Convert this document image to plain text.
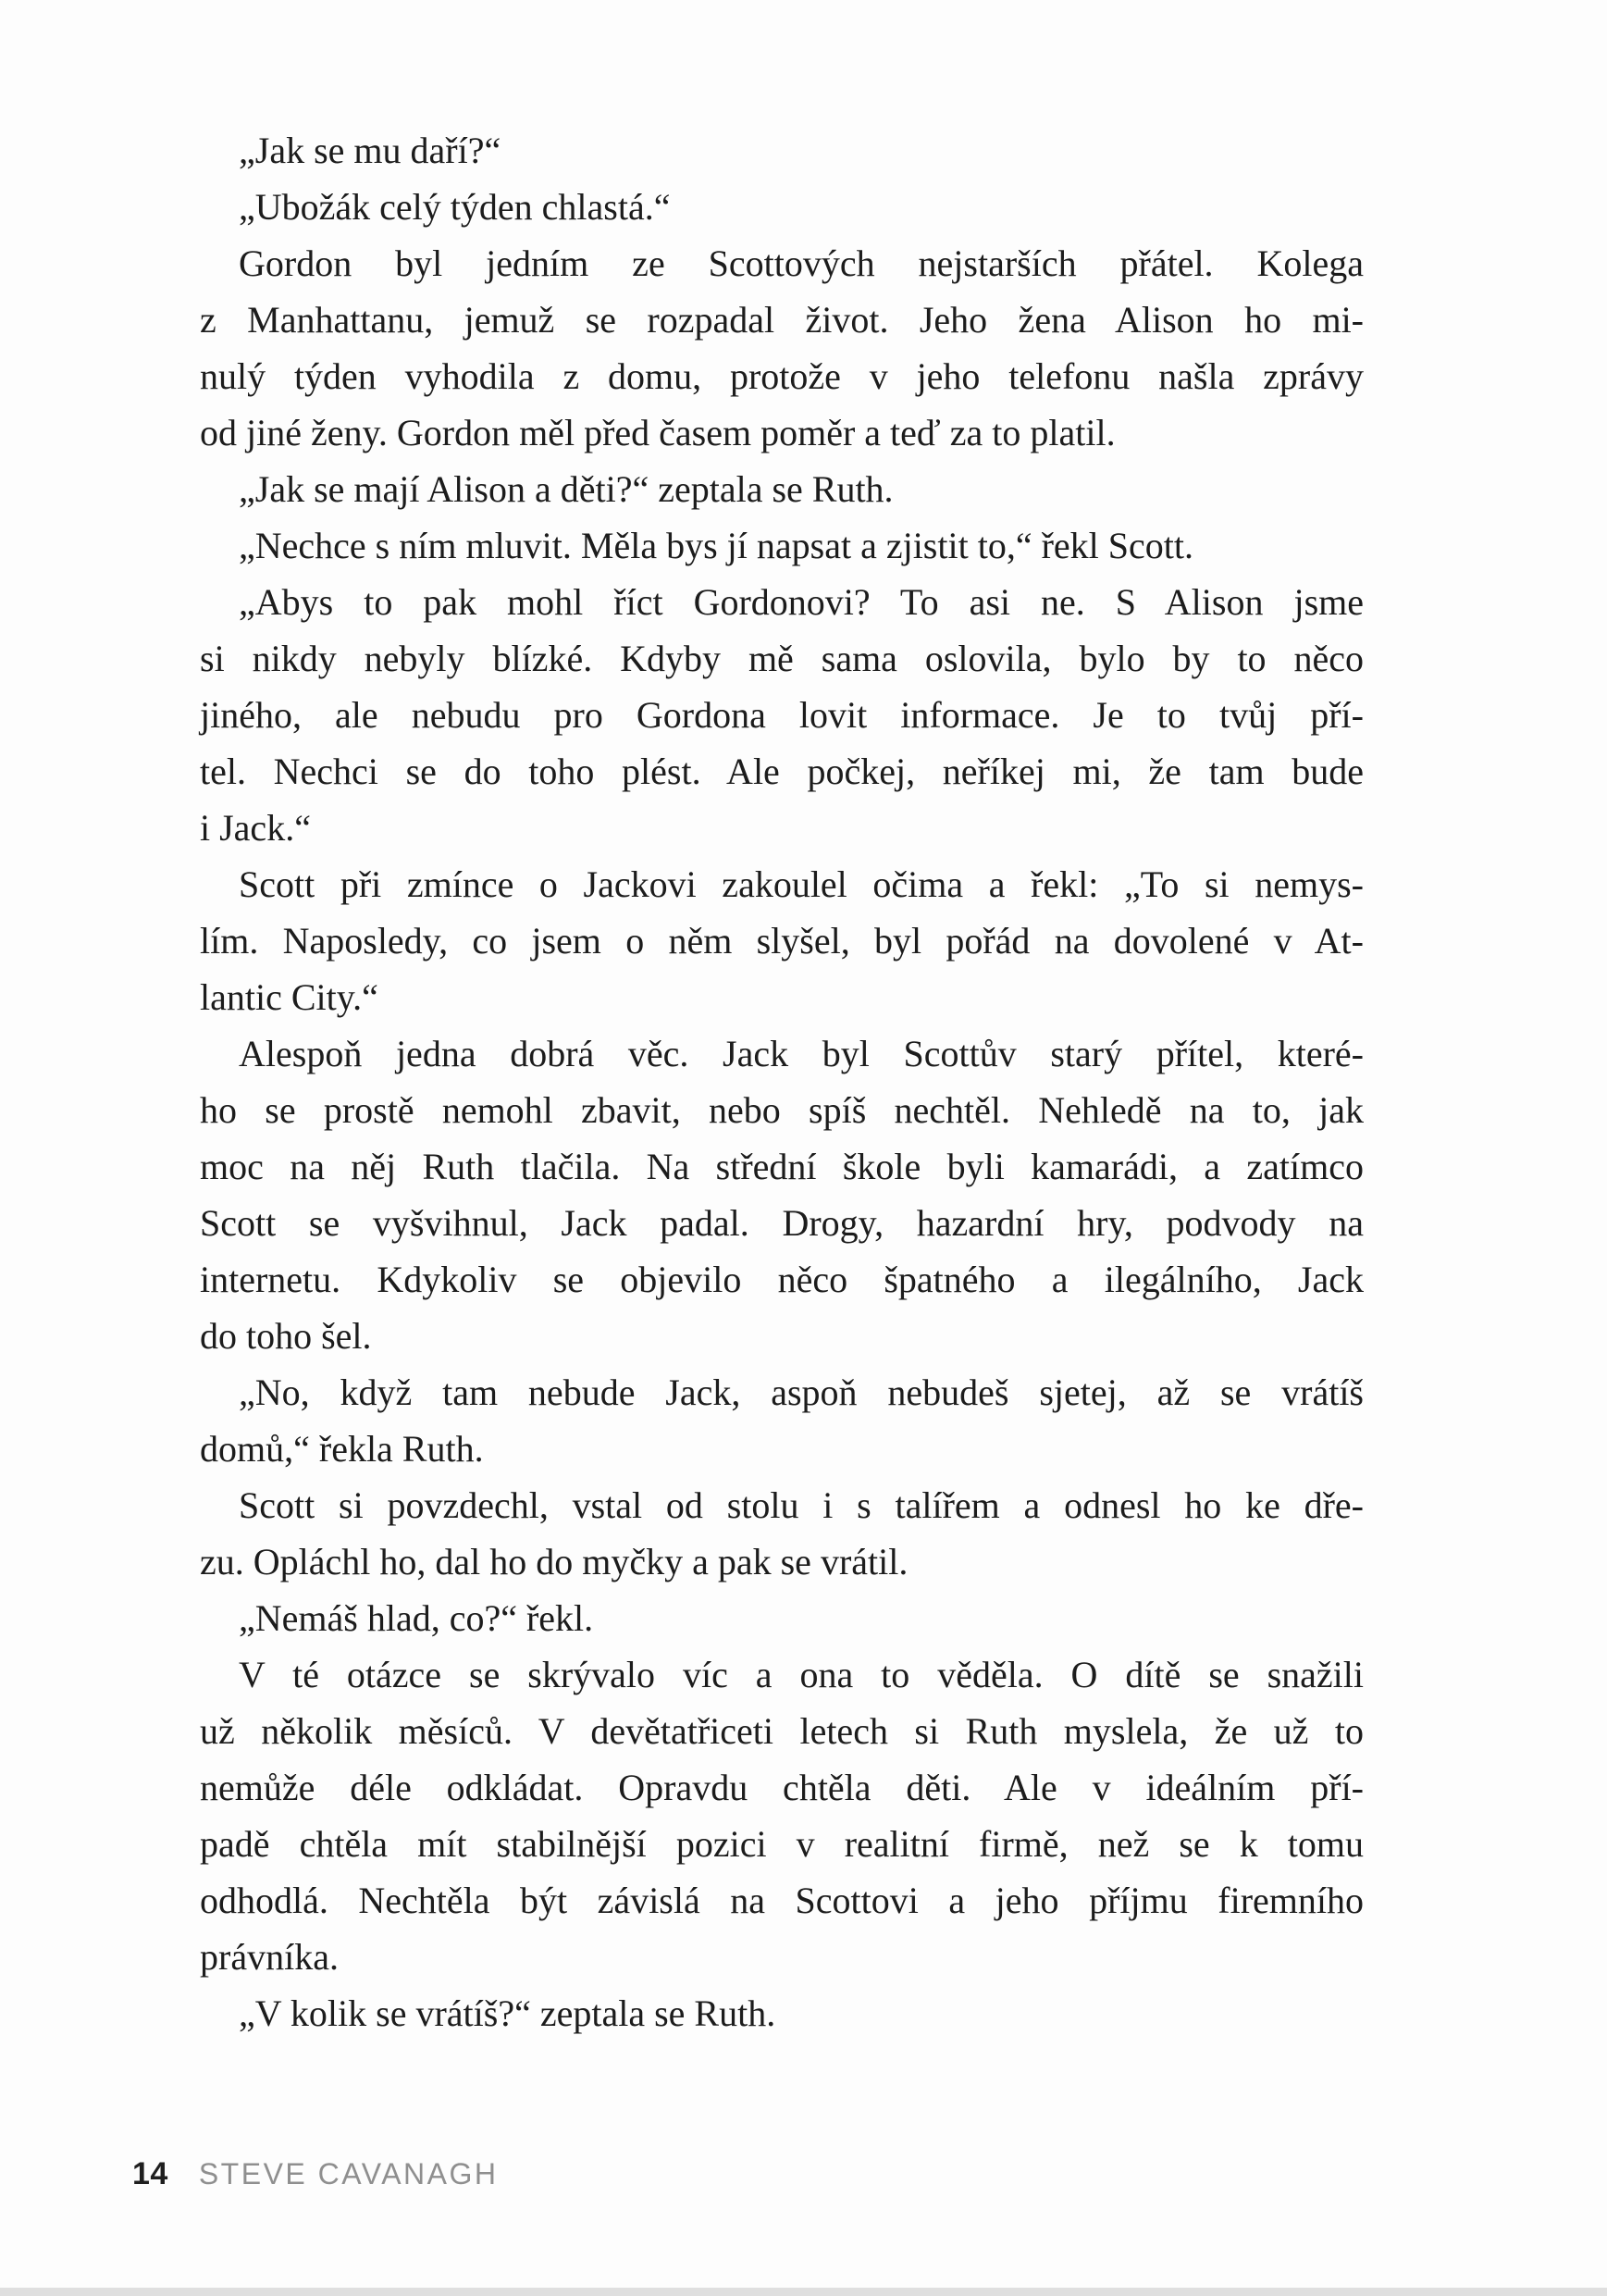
„Jak se mu daří?“
„Ubožák celý týden chlastá.“
Gordon byl jedním ze Scottových nejstarších přátel. Kolega
z Manhattanu, jemuž se rozpadal život. Jeho žena Alison ho mi-
nulý týden vyhodila z domu, protože v jeho telefonu našla zprávy
od jiné ženy. Gordon měl před časem poměr a teď za to platil.
„Jak se mají Alison a děti?“ zeptala se Ruth.
„Nechce s ním mluvit. Měla bys jí napsat a zjistit to,“ řekl Scott.
„Abys to pak mohl říct Gordonovi? To asi ne. S Alison jsme
si nikdy nebyly blízké. Kdyby mě sama oslovila, bylo by to něco
jiného, ale nebudu pro Gordona lovit informace. Je to tvůj pří-
tel. Nechci se do toho plést. Ale počkej, neříkej mi, že tam bude
i Jack.“
Scott při zmínce o Jackovi zakoulel očima a řekl: „To si nemys-
lím. Naposledy, co jsem o něm slyšel, byl pořád na dovolené v At-
lantic City.“
Alespoň jedna dobrá věc. Jack byl Scottův starý přítel, které-
ho se prostě nemohl zbavit, nebo spíš nechtěl. Nehledě na to, jak
moc na něj Ruth tlačila. Na střední škole byli kamarádi, a zatímco
Scott se vyšvihnul, Jack padal. Drogy, hazardní hry, podvody na
internetu. Kdykoliv se objevilo něco špatného a ilegálního, Jack
do toho šel.
„No, když tam nebude Jack, aspoň nebudeš sjetej, až se vrátíš
domů,“ řekla Ruth.
Scott si povzdechl, vstal od stolu i s talířem a odnesl ho ke dře-
zu. Opláchl ho, dal ho do myčky a pak se vrátil.
„Nemáš hlad, co?“ řekl.
V té otázce se skrývalo víc a ona to věděla. O dítě se snažili
už několik měsíců. V devětatřiceti letech si Ruth myslela, že už to
nemůže déle odkládat. Opravdu chtěla děti. Ale v ideálním pří-
padě chtěla mít stabilnější pozici v realitní firmě, než se k tomu
odhodlá. Nechtěla být závislá na Scottovi a jeho příjmu firemního
právníka.
„V kolik se vrátíš?“ zeptala se Ruth.
14 STEVE CAVANAGH
